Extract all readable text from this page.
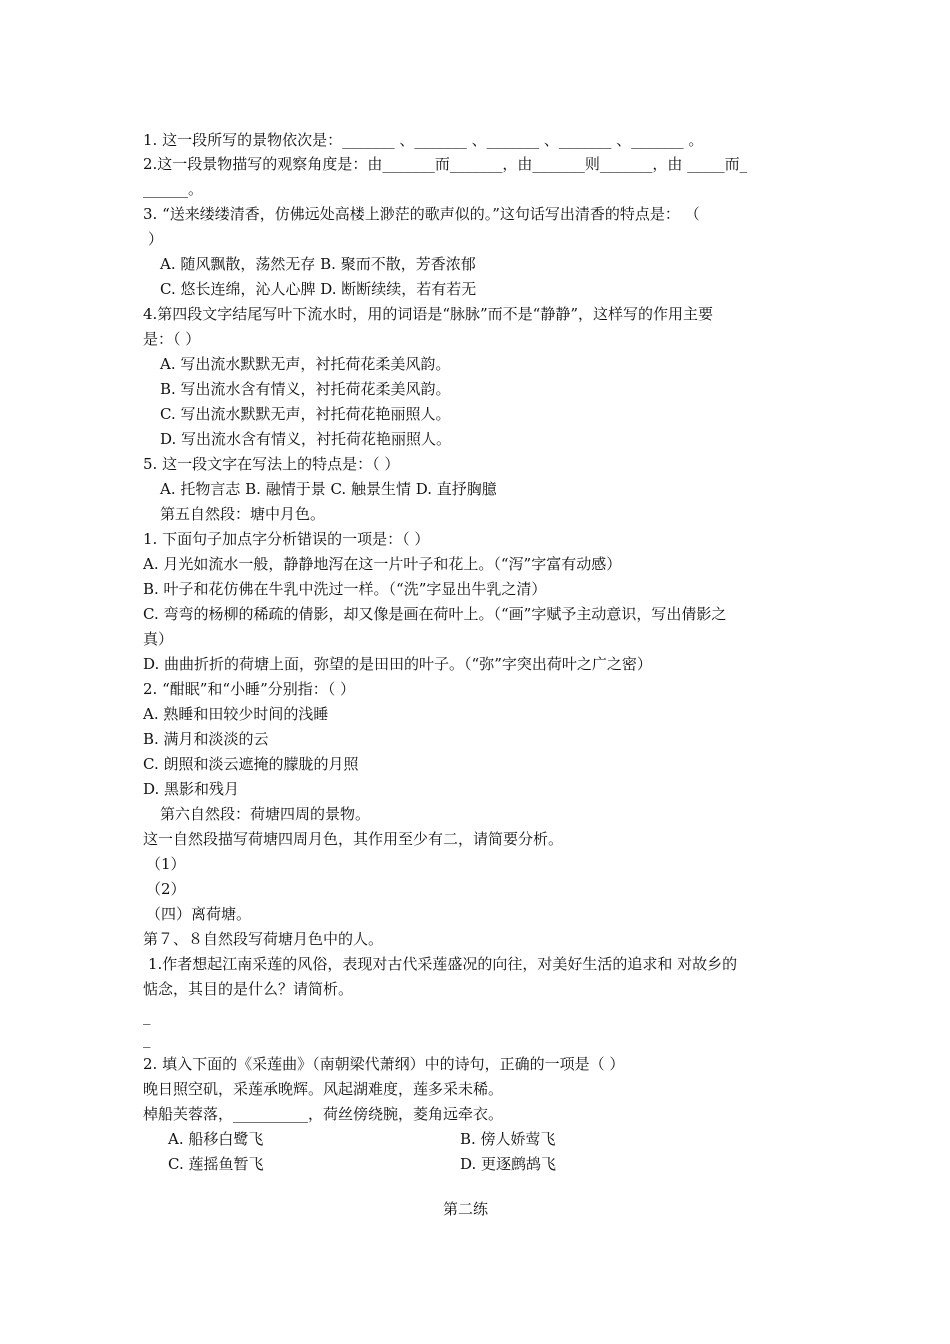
1. 这一段所写的景物依次是：_______ 、_______ 、_______ 、_______ 、_______ 。
2.这一段景物描写的观察角度是：由_______而_______，由_______则_______，由 _____而_
______。
3. “送来缕缕清香，仿佛远处高楼上渺茫的歌声似的。”这句话写出清香的特点是： （
）
A. 随风飘散，荡然无存 B. 聚而不散，芳香浓郁
C. 悠长连绵，沁人心脾 D. 断断续续，若有若无
4.第四段文字结尾写叶下流水时，用的词语是“脉脉”而不是“静静”，这样写的作用主要
是：（ ）
A. 写出流水默默无声，衬托荷花柔美风韵。
B. 写出流水含有情义，衬托荷花柔美风韵。
C. 写出流水默默无声，衬托荷花艳丽照人。
D. 写出流水含有情义，衬托荷花艳丽照人。
5. 这一段文字在写法上的特点是：（ ）
A. 托物言志 B. 融情于景 C. 触景生情 D. 直抒胸臆
第五自然段：塘中月色。
1. 下面句子加点字分析错误的一项是：（ ）
A. 月光如流水一般，静静地泻在这一片叶子和花上。（“泻”字富有动感）
B. 叶子和花仿佛在牛乳中洗过一样。（“洗”字显出牛乳之清）
C. 弯弯的杨柳的稀疏的倩影，却又像是画在荷叶上。（“画”字赋予主动意识，写出倩影之
真）
D. 曲曲折折的荷塘上面，弥望的是田田的叶子。（“弥”字突出荷叶之广之密）
2. “酣眠”和“小睡”分别指：（ ）
A. 熟睡和田较少时间的浅睡
B. 满月和淡淡的云
C. 朗照和淡云遮掩的朦胧的月照
D. 黑影和残月
第六自然段：荷塘四周的景物。
这一自然段描写荷塘四周月色，其作用至少有二，请简要分析。
（1）
（2）
（四）离荷塘。
第７、８自然段写荷塘月色中的人。
1.作者想起江南采莲的风俗，表现对古代采莲盛况的向往，对美好生活的追求和 对故乡的
惦念，其目的是什么？请简析。
_
_
2. 填入下面的《采莲曲》（南朝梁代萧纲）中的诗句，正确的一项是（ ）
晚日照空矶，采莲承晚辉。风起湖难度，莲多采未稀。
棹船芙蓉落，__________，荷丝傍绕腕，菱角远牵衣。
A. 船移白鹭飞	B. 傍人娇莺飞
C. 莲摇鱼暂飞	D. 更逐鹧鸪飞
第二练
